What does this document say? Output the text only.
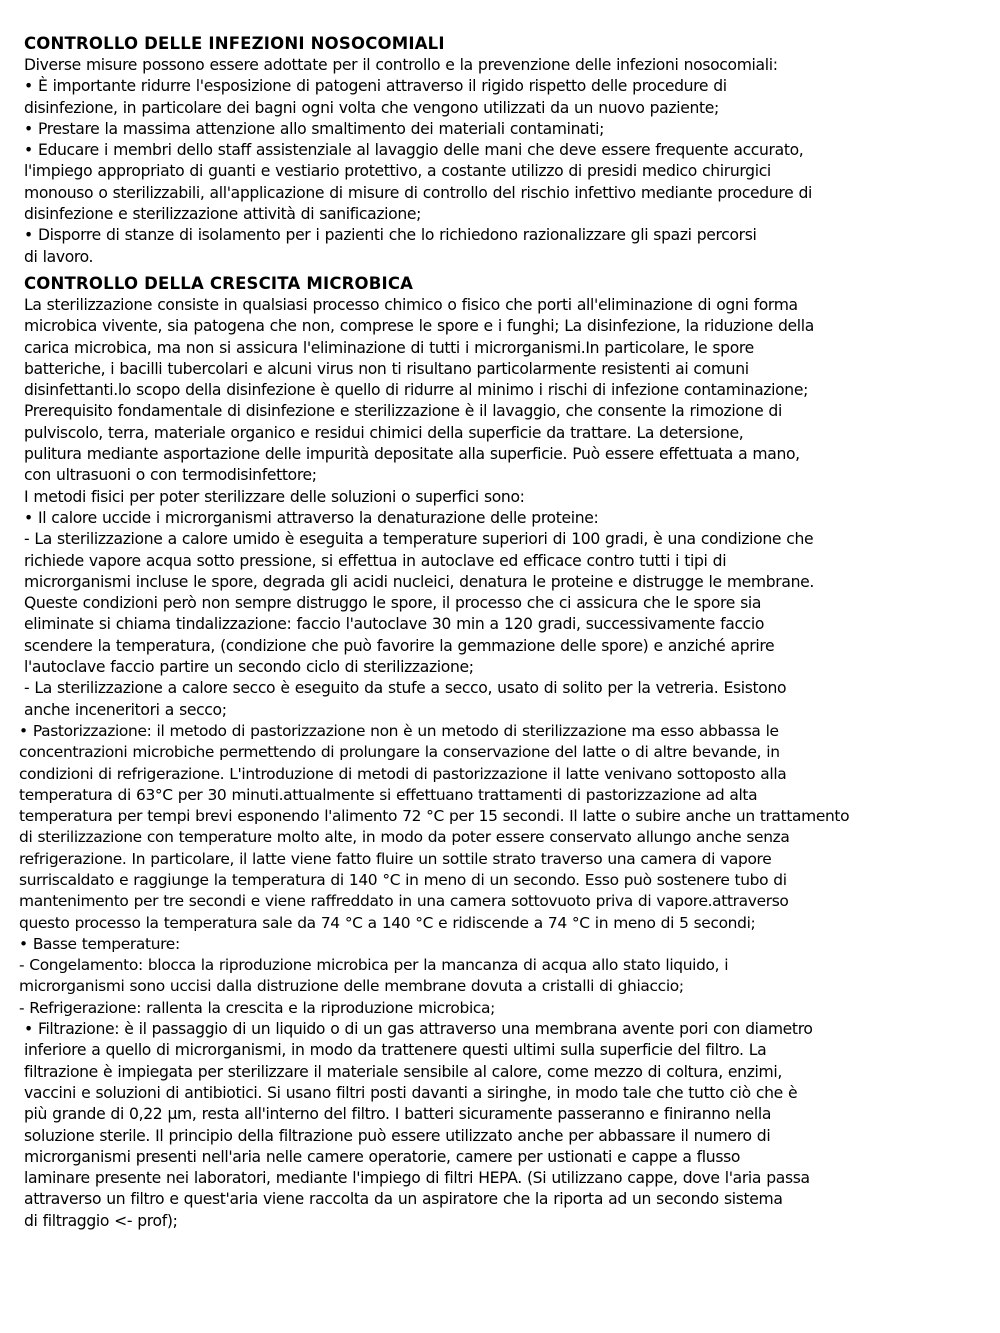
CONTROLLO DELLE INFEZIONI NOSOCOMIALI
Diverse misure possono essere adottate per il controllo e la prevenzione delle infezioni nosocomiali:
• È importante ridurre l'esposizione di patogeni attraverso il rigido rispetto delle procedure di
disinfezione, in particolare dei bagni ogni volta che vengono utilizzati da un nuovo paziente;
• Prestare la massima attenzione allo smaltimento dei materiali contaminati;
• Educare i membri dello staff assistenziale al lavaggio delle mani che deve essere frequente accurato,
l'impiego appropriato di guanti e vestiario protettivo, a costante utilizzo di presidi medico chirurgici
monouso o sterilizzabili, all'applicazione di misure di controllo del rischio infettivo mediante procedure di
disinfezione e sterilizzazione attività di sanificazione;
• Disporre di stanze di isolamento per i pazienti che lo richiedono razionalizzare gli spazi percorsi
di lavoro.
CONTROLLO DELLA CRESCITA MICROBICA
La sterilizzazione consiste in qualsiasi processo chimico o fisico che porti all'eliminazione di ogni forma
microbica vivente, sia patogena che non, comprese le spore e i funghi; La disinfezione, la riduzione della
carica microbica, ma non si assicura l'eliminazione di tutti i microrganismi.In particolare, le spore
batteriche, i bacilli tubercolari e alcuni virus non ti risultano particolarmente resistenti ai comuni
disinfettanti.lo scopo della disinfezione è quello di ridurre al minimo i rischi di infezione contaminazione;
Prerequisito fondamentale di disinfezione e sterilizzazione è il lavaggio, che consente la rimozione di
pulviscolo, terra, materiale organico e residui chimici della superficie da trattare. La detersione,
pulitura mediante asportazione delle impurità depositate alla superficie. Può essere effettuata a mano,
con ultrasuoni o con termodisinfettore;
I metodi fisici per poter sterilizzare delle soluzioni o superfici sono:
• Il calore uccide i microrganismi attraverso la denaturazione delle proteine:
- La sterilizzazione a calore umido è eseguita a temperature superiori di 100 gradi, è una condizione che
richiede vapore acqua sotto pressione, si effettua in autoclave ed efficace contro tutti i tipi di
microrganismi incluse le spore, degrada gli acidi nucleici, denatura le proteine e distrugge le membrane.
Queste condizioni però non sempre distruggo le spore, il processo che ci assicura che le spore sia
eliminate si chiama tindalizzazione: faccio l'autoclave 30 min a 120 gradi, successivamente faccio
scendere la temperatura, (condizione che può favorire la gemmazione delle spore) e anziché aprire
l'autoclave faccio partire un secondo ciclo di sterilizzazione;
- La sterilizzazione a calore secco è eseguito da stufe a secco, usato di solito per la vetreria. Esistono
anche inceneritori a secco;
• Pastorizzazione: il metodo di pastorizzazione non è un metodo di sterilizzazione ma esso abbassa le
concentrazioni microbiche permettendo di prolungare la conservazione del latte o di altre bevande, in
condizioni di refrigerazione. L'introduzione di metodi di pastorizzazione il latte venivano sottoposto alla
temperatura di 63°C per 30 minuti.attualmente si effettuano trattamenti di pastorizzazione ad alta
temperatura per tempi brevi esponendo l'alimento 72 °C per 15 secondi. Il latte o subire anche un trattamento
di sterilizzazione con temperature molto alte, in modo da poter essere conservato allungo anche senza
refrigerazione. In particolare, il latte viene fatto fluire un sottile strato traverso una camera di vapore
surriscaldato e raggiunge la temperatura di 140 °C in meno di un secondo. Esso può sostenere tubo di
mantenimento per tre secondi e viene raffreddato in una camera sottovuoto priva di vapore.attraverso
questo processo la temperatura sale da 74 °C a 140 °C e ridiscende a 74 °C in meno di 5 secondi;
• Basse temperature:
- Congelamento: blocca la riproduzione microbica per la mancanza di acqua allo stato liquido, i
microrganismi sono uccisi dalla distruzione delle membrane dovuta a cristalli di ghiaccio;
- Refrigerazione: rallenta la crescita e la riproduzione microbica;
• Filtrazione: è il passaggio di un liquido o di un gas attraverso una membrana avente pori con diametro
inferiore a quello di microrganismi, in modo da trattenere questi ultimi sulla superficie del filtro. La
filtrazione è impiegata per sterilizzare il materiale sensibile al calore, come mezzo di coltura, enzimi,
vaccini e soluzioni di antibiotici. Si usano filtri posti davanti a siringhe, in modo tale che tutto ciò che è
più grande di 0,22 µm, resta all'interno del filtro. I batteri sicuramente passeranno e finiranno nella
soluzione sterile. Il principio della filtrazione può essere utilizzato anche per abbassare il numero di
microrganismi presenti nell'aria nelle camere operatorie, camere per ustionati e cappe a flusso
laminare presente nei laboratori, mediante l'impiego di filtri HEPA. (Si utilizzano cappe, dove l'aria passa
attraverso un filtro e quest'aria viene raccolta da un aspiratore che la riporta ad un secondo sistema
di filtraggio <- prof);
